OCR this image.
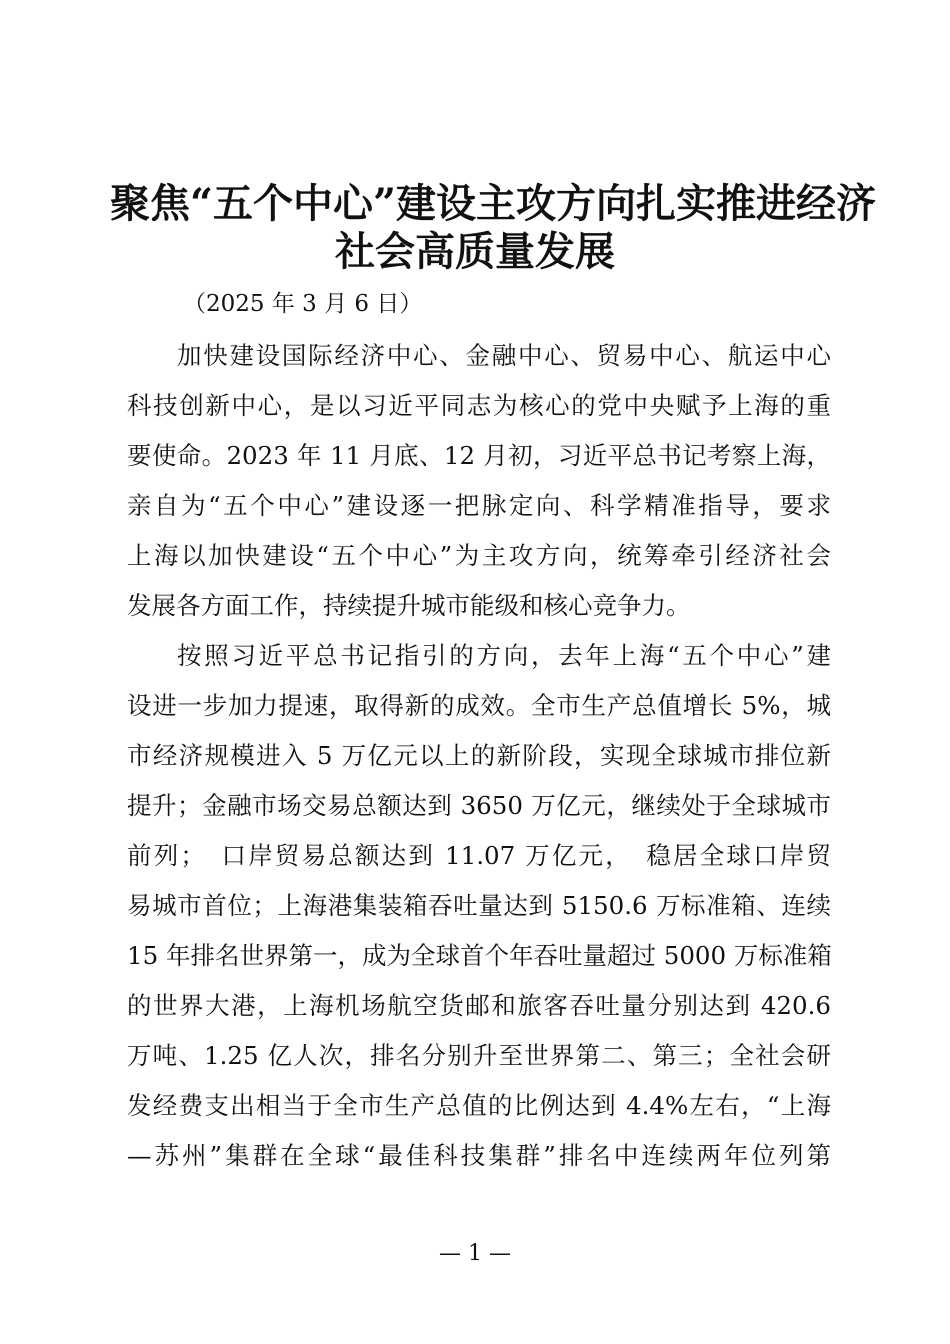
聚焦“五个中心”建设主攻方向扎实推进经济
社会高质量发展
（2025 年 3 月 6 日）
加快建设国际经济中心、金融中心、贸易中心、航运中心
科技创新中心，是以习近平同志为核心的党中央赋予上海的重
要使命。2023 年 11 月底、12 月初，习近平总书记考察上海，
亲自为“五个中心”建设逐一把脉定向、科学精准指导，要求
上海以加快建设“五个中心”为主攻方向，统筹牵引经济社会
发展各方面工作，持续提升城市能级和核心竞争力。
按照习近平总书记指引的方向，去年上海“五个中心”建
设进一步加力提速，取得新的成效。全市生产总值增长 5%，城
市经济规模进入 5 万亿元以上的新阶段，实现全球城市排位新
提升；金融市场交易总额达到 3650 万亿元，继续处于全球城市
前列；　口岸贸易总额达到 11.07 万亿元，　稳居全球口岸贸
易城市首位；上海港集装箱吞吐量达到 5150.6 万标准箱、连续
15 年排名世界第一，成为全球首个年吞吐量超过 5000 万标准箱
的世界大港，上海机场航空货邮和旅客吞吐量分别达到 420.6
万吨、1.25 亿人次，排名分别升至世界第二、第三；全社会研
发经费支出相当于全市生产总值的比例达到 4.4%左右，“上海
—苏州”集群在全球“最佳科技集群”排名中连续两年位列第
— 1 —
